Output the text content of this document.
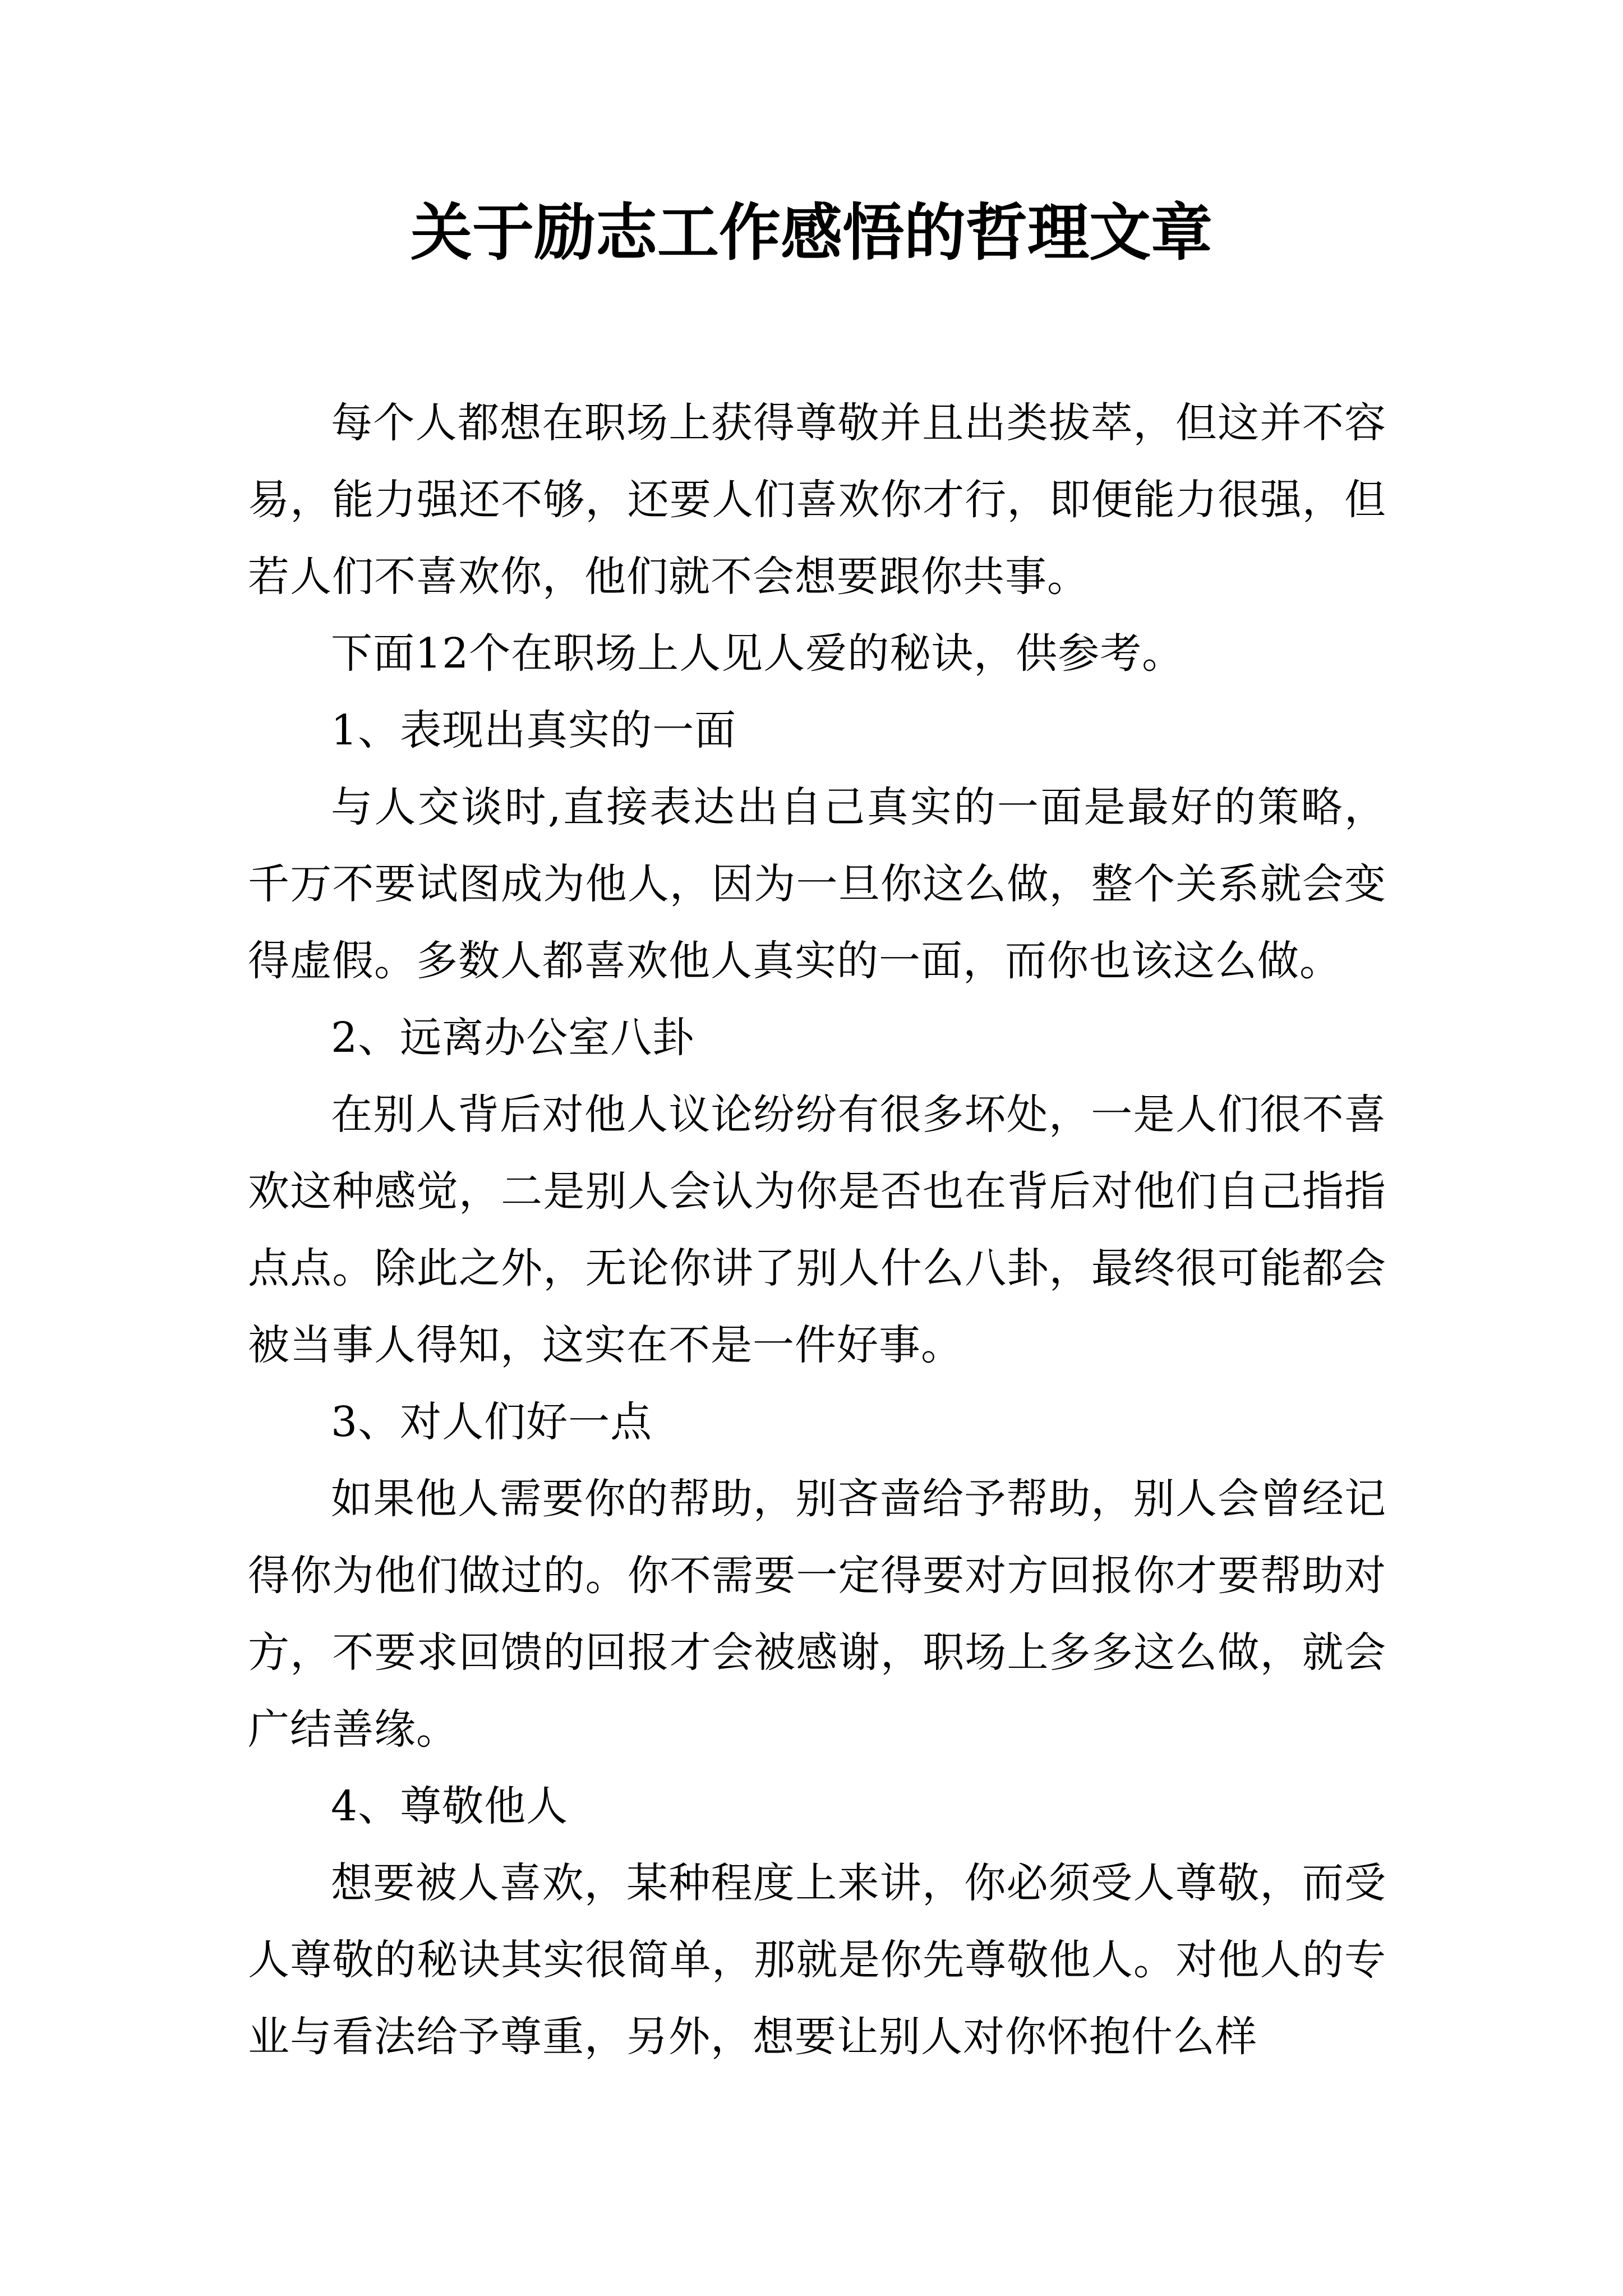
关于励志工作感悟的哲理文章

每个人都想在职场上获得尊敬并且出类拔萃，但这并不容易，能力强还不够，还要人们喜欢你才行，即便能力很强，但若人们不喜欢你，他们就不会想要跟你共事。

下面12个在职场上人见人爱的秘诀，供参考。

1、表现出真实的一面

与人交谈时,直接表达出自己真实的一面是最好的策略，千万不要试图成为他人，因为一旦你这么做，整个关系就会变得虚假。多数人都喜欢他人真实的一面，而你也该这么做。

2、远离办公室八卦

在别人背后对他人议论纷纷有很多坏处，一是人们很不喜欢这种感觉，二是别人会认为你是否也在背后对他们自己指指点点。除此之外，无论你讲了别人什么八卦，最终很可能都会被当事人得知，这实在不是一件好事。

3、对人们好一点

如果他人需要你的帮助，别吝啬给予帮助，别人会曾经记得你为他们做过的。你不需要一定得要对方回报你才要帮助对方，不要求回馈的回报才会被感谢，职场上多多这么做，就会广结善缘。

4、尊敬他人

想要被人喜欢，某种程度上来讲，你必须受人尊敬，而受人尊敬的秘诀其实很简单，那就是你先尊敬他人。对他人的专业与看法给予尊重，另外，想要让别人对你怀抱什么样
